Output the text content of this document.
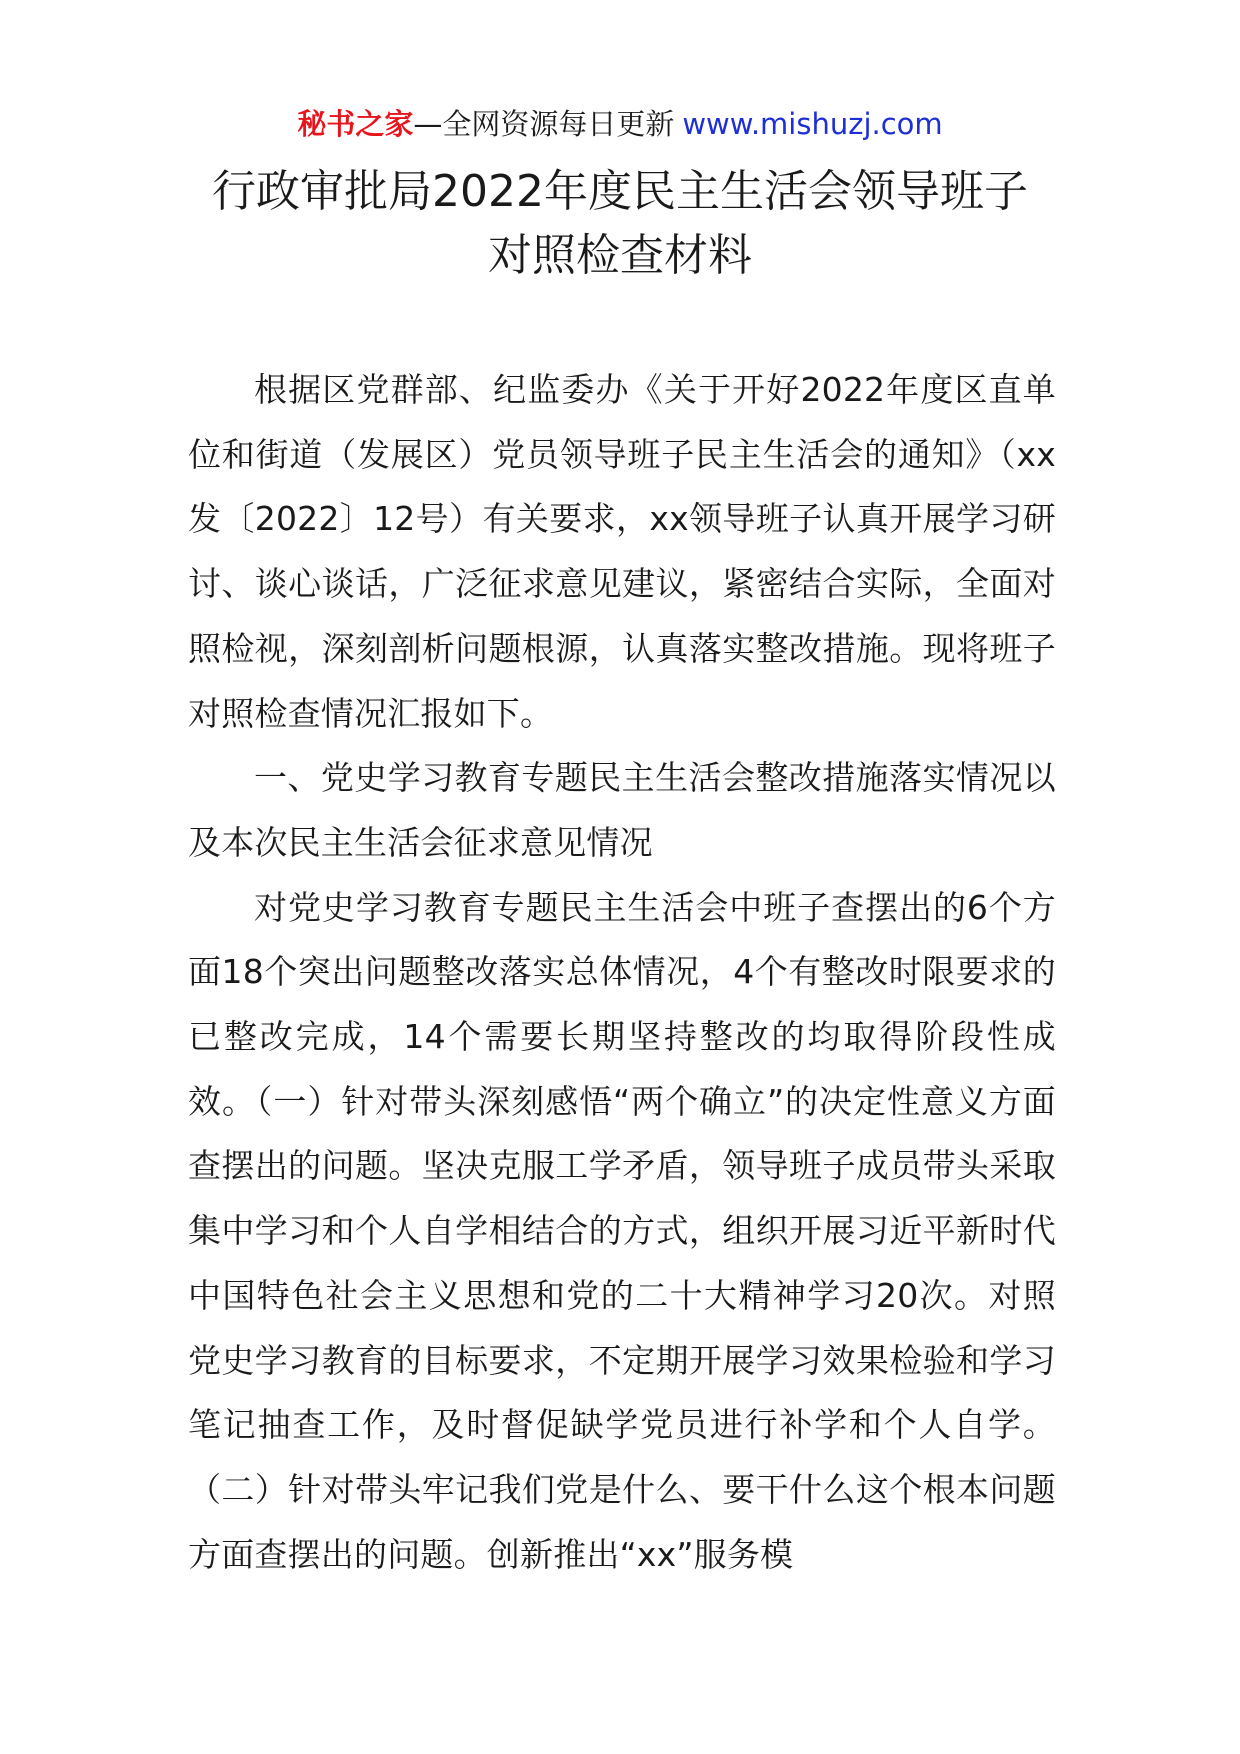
秘书之家—全网资源每日更新 www.mishuzj.com
行政审批局2022年度民主生活会领导班子
对照检查材料

根据区党群部、纪监委办《关于开好2022年度区直单位和街道（发展区）党员领导班子民主生活会的通知》（xx发〔2022〕12号）有关要求，xx领导班子认真开展学习研讨、谈心谈话，广泛征求意见建议，紧密结合实际，全面对照检视，深刻剖析问题根源，认真落实整改措施。现将班子对照检查情况汇报如下。

一、党史学习教育专题民主生活会整改措施落实情况以及本次民主生活会征求意见情况

对党史学习教育专题民主生活会中班子查摆出的6个方面18个突出问题整改落实总体情况，4个有整改时限要求的已整改完成，14个需要长期坚持整改的均取得阶段性成效。（一）针对带头深刻感悟“两个确立”的决定性意义方面查摆出的问题。坚决克服工学矛盾，领导班子成员带头采取集中学习和个人自学相结合的方式，组织开展习近平新时代中国特色社会主义思想和党的二十大精神学习20次。对照党史学习教育的目标要求，不定期开展学习效果检验和学习笔记抽查工作，及时督促缺学党员进行补学和个人自学。（二）针对带头牢记我们党是什么、要干什么这个根本问题方面查摆出的问题。创新推出“xx”服务模
